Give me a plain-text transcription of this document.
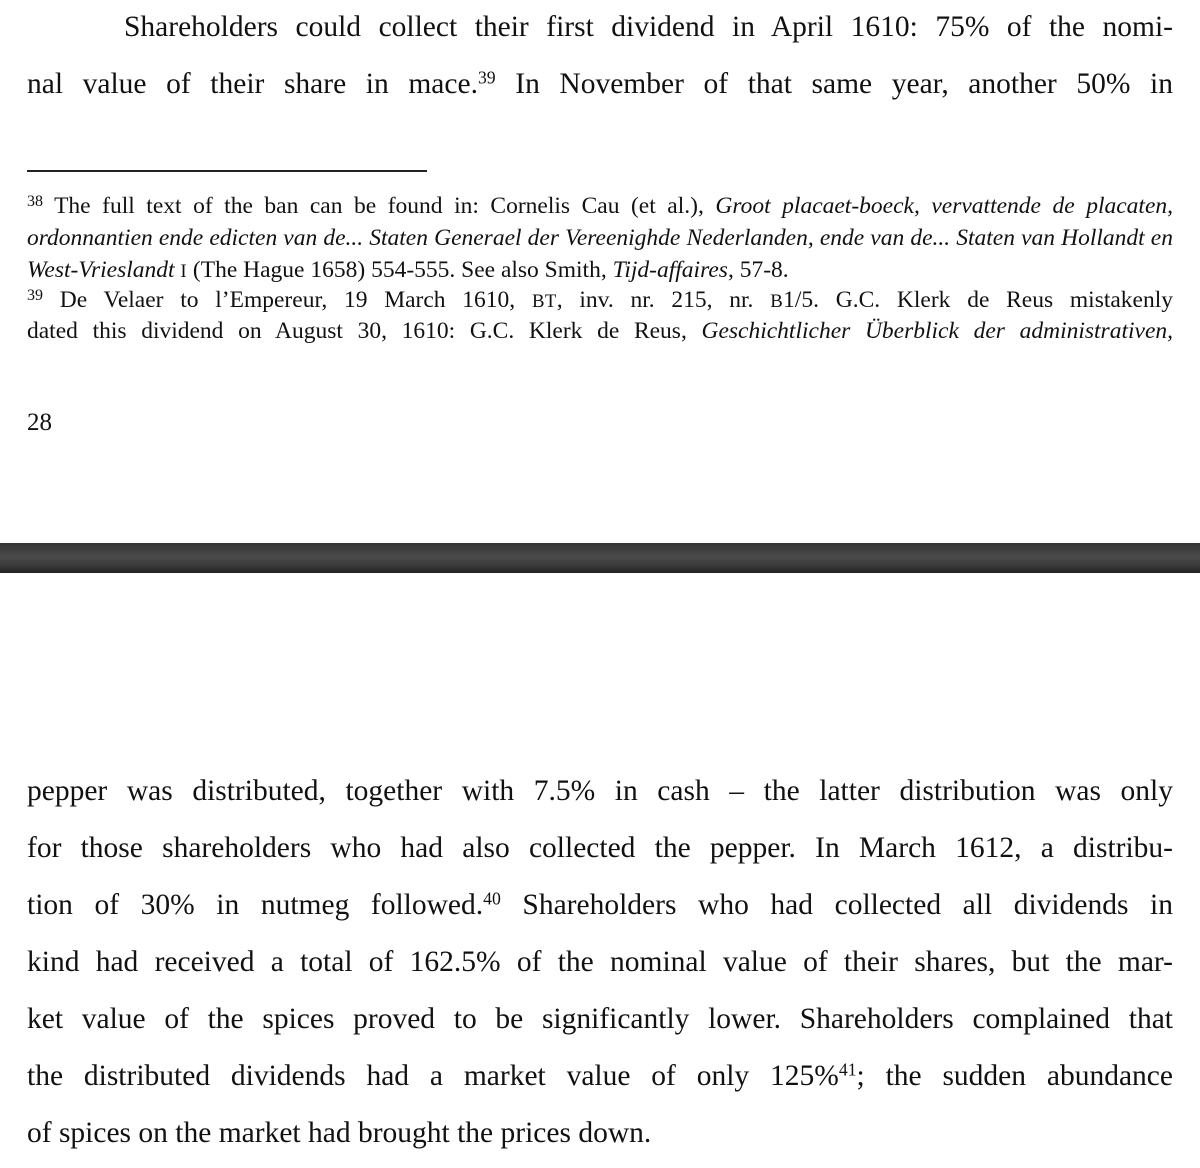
Shareholders could collect their first dividend in April 1610: 75% of the nomi-
nal value of their share in mace.$^{39}$ In November of that same year, another 50% in
$^{38}$ The full text of the ban can be found in: Cornelis Cau (et al.), Groot placaet-boeck, vervattende de placaten,
ordonnantien ende edicten van de... Staten Generael der Vereenighde Nederlanden, ende van de... Staten van Hollandt en
West-Vrieslandt I (The Hague 1658) 554-555. See also Smith, Tijd-affaires, 57-8.
$^{39}$ De Velaer to l’Empereur, 19 March 1610, BT, inv. nr. 215, nr. B1/5. G.C. Klerk de Reus mistakenly
dated this dividend on August 30, 1610: G.C. Klerk de Reus, Geschichtlicher Überblick der administrativen,
28
pepper was distributed, together with 7.5% in cash – the latter distribution was only
for those shareholders who had also collected the pepper. In March 1612, a distribu-
tion of 30% in nutmeg followed.$^{40}$ Shareholders who had collected all dividends in
kind had received a total of 162.5% of the nominal value of their shares, but the mar-
ket value of the spices proved to be significantly lower. Shareholders complained that
the distributed dividends had a market value of only 125%$^{41}$; the sudden abundance
of spices on the market had brought the prices down.
